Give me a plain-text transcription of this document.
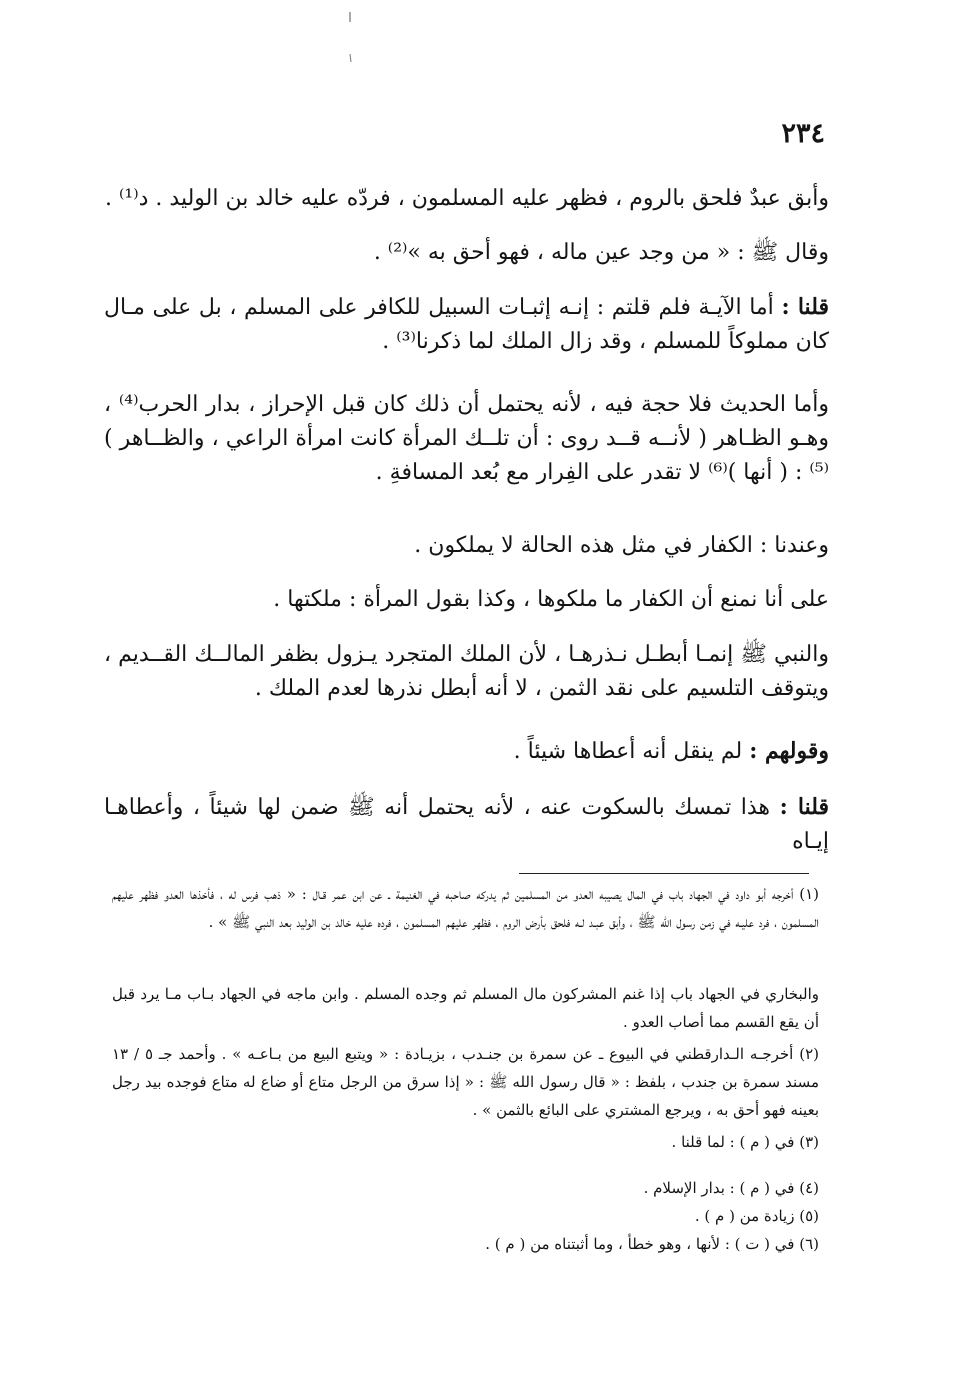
٢٣٤

وأبق عبدٌ فلحق بالروم ، فظهر عليه المسلمون ، فردّه عليه خالد بن الوليد . د⁽¹⁾ .

وقال ﷺ : « من وجد عين ماله ، فهو أحق به »⁽²⁾ .

قلنا : أما الآيـة فلم قلتم : إنـه إثبـات السبيل للكافر على المسلم ، بل على مـال كان مملوكاً للمسلم ، وقد زال الملك لما ذكرنا⁽³⁾ .

وأما الحديث فلا حجة فيه ، لأنه يحتمل أن ذلك كان قبل الإحراز ، بدار الحرب⁽⁴⁾ ، وهـو الظـاهر ( لأنــه قــد روى : أن تلــك المرأة كانت امرأة الراعي ، والظــاهر )⁽⁵⁾ : ( أنها )⁽⁶⁾ لا تقدر على الفِرار مع بُعد المسافةِ .

وعندنا : الكفار في مثل هذه الحالة لا يملكون .

على أنا نمنع أن الكفار ما ملكوها ، وكذا بقول المرأة : ملكتها .

والنبي ﷺ إنمـا أبطـل نـذرهـا ، لأن الملك المتجرد يـزول بظفر المالــك القــديم ، ويتوقف التلسيم على نقد الثمن ، لا أنه أبطل نذرها لعدم الملك .

وقولهم : لم ينقل أنه أعطاها شيئاً .

قلنا : هذا تمسك بالسكوت عنه ، لأنه يحتمل أنه ﷺ ضمن لها شيئاً ، وأعطاهـا إيـاه

(١) أخرجه أبو داود في الجهاد باب في المال يصيبه العدو من المسلمين ثم يدركه صاحبه في الغنيمة ـ عن ابن عمر قـال : « ذهب فرس له ، فأخذها العدو فظهر عليهم المسلمون ، فرد عليـه في زمن رسول الله ﷺ ، وأبق عبـد لـه فلحق بأرض الروم ، فظهر عليهم المسلمون ، فرده عليه خالد بن الوليد بعد النبي ﷺ » .

والبخاري في الجهاد باب إذا غنم المشركون مال المسلم ثم وجده المسلم . وابن ماجه في الجهاد بـاب مـا يرد قبل أن يقع القسم مما أصاب العدو .

(٢) أخرجـه الـدارقطني في البيوع ـ عن سمرة بن جنـدب ، بزيـادة : « ويتبع البيع من بـاعـه » . وأحمد جـ ٥ / ١٣ مسند سمرة بن جندب ، بلفظ : « قال رسول الله ﷺ : « إذا سرق من الرجل متاع أو ضاع له متاع فوجده بيد رجل بعينه فهو أحق به ، ويرجع المشتري على البائع بالثمن » .

(٣) في ( م ) : لما قلنا .

(٤) في ( م ) : بدار الإسلام .

(٥) زيادة من ( م ) .

(٦) في ( ت ) : لأنها ، وهو خطأ ، وما أثبتناه من ( م ) .
